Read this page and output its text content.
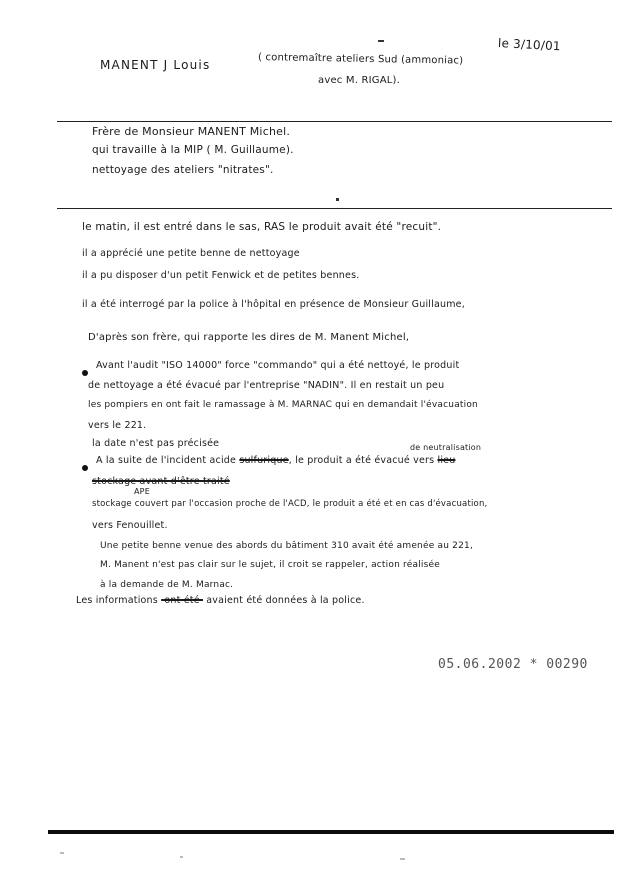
le 3/10/01
MANENT J Louis	( contremaître ateliers Sud (ammoniac)
avec M. RIGAL).
Frère de Monsieur MANENT Michel.
qui travaille à la MIP ( M. Guillaume).
nettoyage des ateliers "nitrates".
le matin, il est entré dans le sas, RAS le produit avait été "recuit".
il a apprécié une petite benne de nettoyage
il a pu disposer d'un petit Fenwick et de petites bennes.
il a été interrogé par la police à l'hôpital en présence de Monsieur Guillaume,
D'après son frère, qui rapporte les dires de M. Manent Michel,
Avant l'audit "ISO 14000" force "commando" qui a été nettoyé, le produit
de nettoyage a été évacué par l'entreprise "NADIN". Il en restait un peu
les pompiers en ont fait le ramassage à M. MARNAC qui en demandait l'évacuation
vers le 221.
la date n'est pas précisée	de neutralisation
A la suite de l'incident acide sulfurique, le produit a été évacué vers lieu
stockage avant d'être traité
APE
stockage couvert par l'occasion proche de l'ACD, le produit a été et en cas d'évacuation,
vers Fenouillet.
Une petite benne venue des abords du bâtiment 310 avait été amenée au 221,
M. Manent n'est pas clair sur le sujet, il croit se rappeler, action réalisée
à la demande de M. Marnac.
Les informations  ont été  avaient été données à la police.
05.06.2002 * 00290
